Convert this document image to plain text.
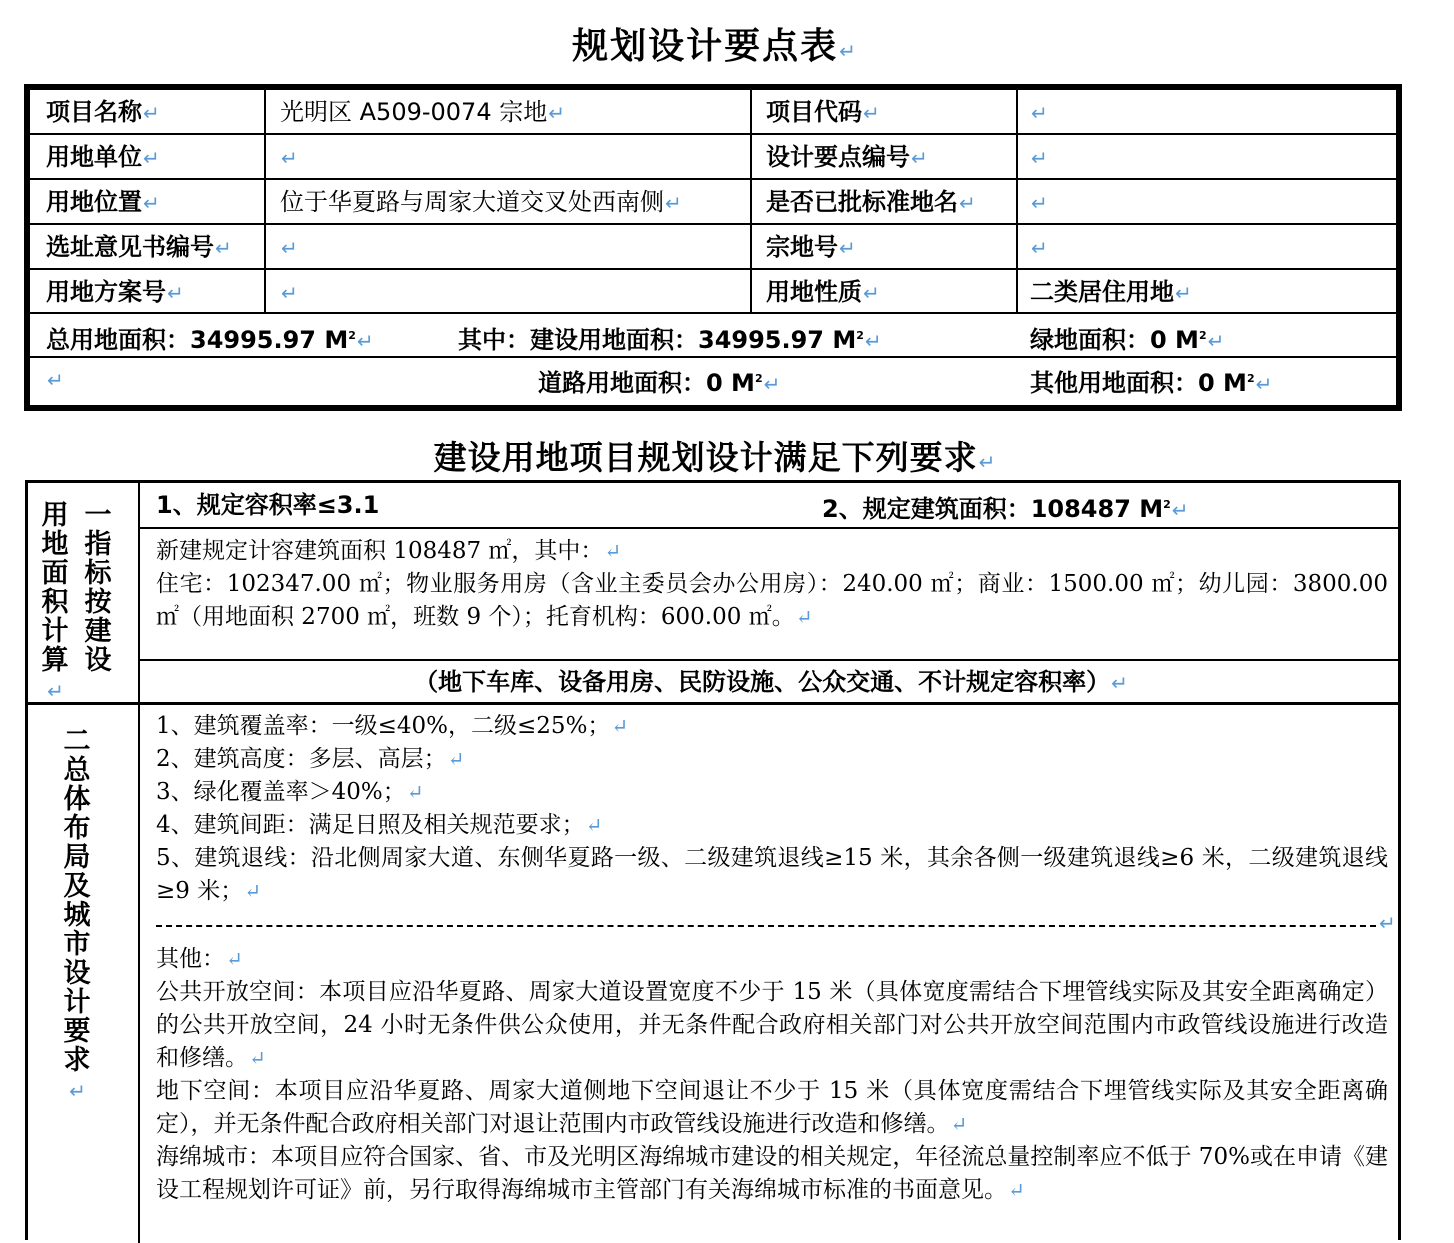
规划设计要点表↵
项目名称↵	光明区 A509-0074 宗地↵	项目代码↵	↵
用地单位↵	↵	设计要点编号↵	↵
用地位置↵	位于华夏路与周家大道交叉处西南侧↵	是否已批标准地名↵	↵
选址意见书编号↵ ↵	宗地号↵	↵
用地方案号↵	↵	用地性质↵	二类居住用地↵
总用地面积：34995.97 $M^2↵$	其中：建设用地面积：34995.97 $M^2↵$	绿地面积：0 $M^2↵$
↵	道路用地面积：0 $M^2↵$	其他用地面积：0 $M^2↵$
建设用地项目规划设计满足下列要求↵
用地面积计算↵
一指标按建设
1、规定容积率≤3.1	2、规定建筑面积：108487 $M^2↵$
新建规定计容建筑面积 108487 ㎡，其中：↵
住宅：102347.00 ㎡；物业服务用房（含业主委员会办公用房）：240.00 ㎡；商业：1500.00 ㎡；幼儿园：3800.00 ㎡（用地面积 2700 ㎡，班数 9 个）；托育机构：600.00 ㎡。↵
（地下车库、设备用房、民防设施、公众交通、不计规定容积率）↵
二总体布局及城市设计要求↵
1、建筑覆盖率：一级≤40%，二级≤25%；↵
2、建筑高度：多层、高层；↵
3、绿化覆盖率＞40%；↵
4、建筑间距：满足日照及相关规范要求；↵
5、建筑退线：沿北侧周家大道、东侧华夏路一级、二级建筑退线≥15 米，其余各侧一级建筑退线≥6 米，二级建筑退线≥9 米；↵
↵
其他：↵
公共开放空间：本项目应沿华夏路、周家大道设置宽度不少于 15 米（具体宽度需结合下埋管线实际及其安全距离确定）的公共开放空间，24 小时无条件供公众使用，并无条件配合政府相关部门对公共开放空间范围内市政管线设施进行改造和修缮。↵
地下空间：本项目应沿华夏路、周家大道侧地下空间退让不少于 15 米（具体宽度需结合下埋管线实际及其安全距离确定），并无条件配合政府相关部门对退让范围内市政管线设施进行改造和修缮。↵
海绵城市：本项目应符合国家、省、市及光明区海绵城市建设的相关规定，年径流总量控制率应不低于 70%或在申请《建设工程规划许可证》前，另行取得海绵城市主管部门有关海绵城市标准的书面意见。↵
